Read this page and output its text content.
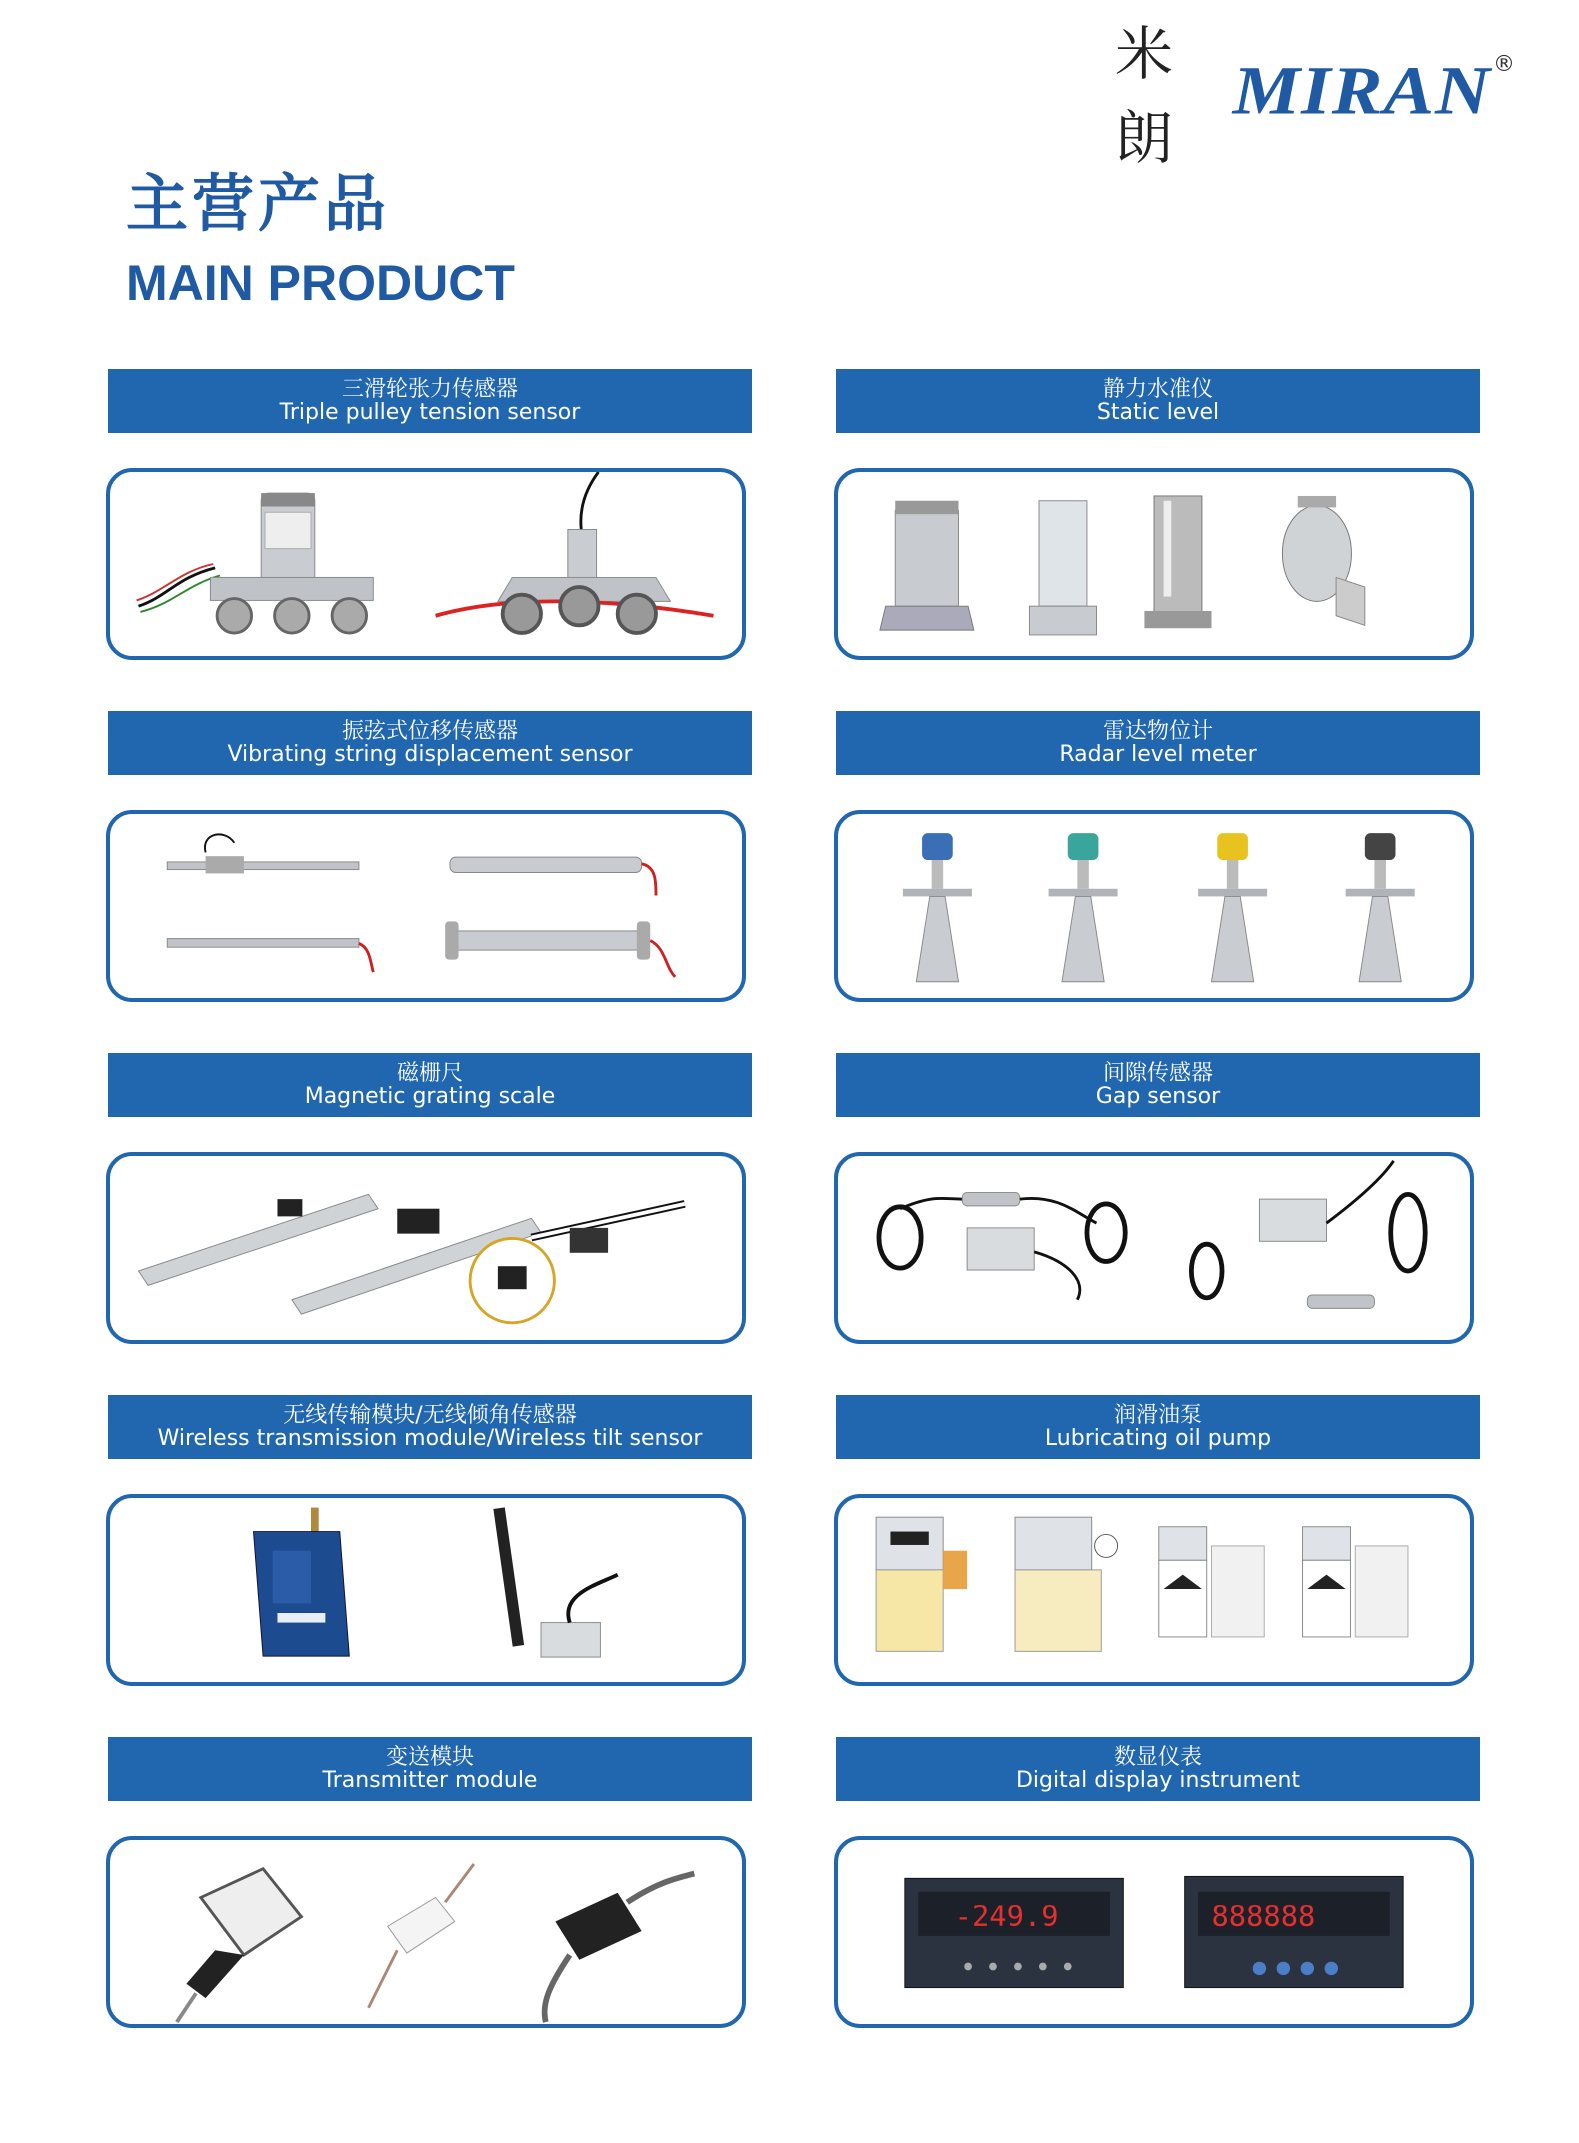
米朗
MIRAN ®
主营产品
MAIN PRODUCT
三滑轮张力传感器
Triple pulley tension sensor
静力水准仪
Static level
振弦式位移传感器
Vibrating string displacement sensor
雷达物位计
Radar level meter
磁栅尺
Magnetic grating scale
间隙传感器
Gap sensor
无线传输模块/无线倾角传感器
Wireless transmission module/Wireless tilt sensor
润滑油泵
Lubricating oil pump
变送模块
Transmitter module
数显仪表
Digital display instrument
-249.9	888888
